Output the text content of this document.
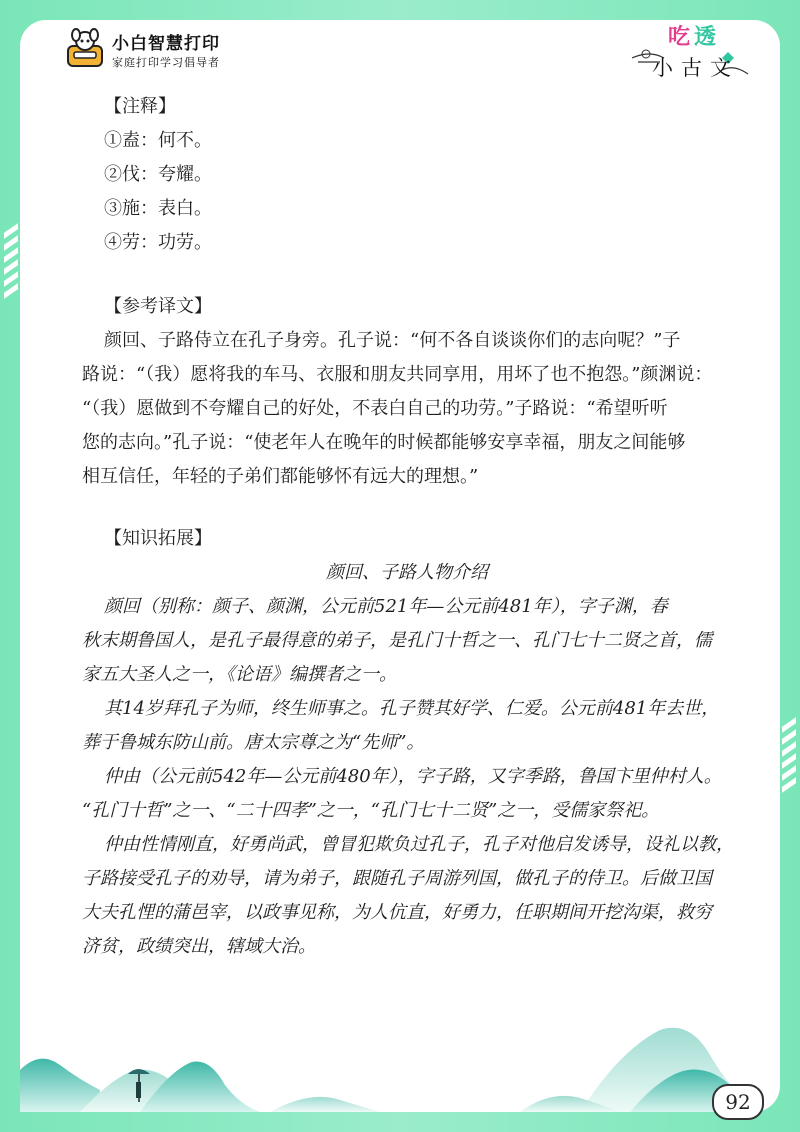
小白智慧打印
家庭打印学习倡导者
吃 透
小古文
【注释】
①盍：何不。
②伐：夸耀。
③施：表白。
④劳：功劳。
【参考译文】
颜回、子路侍立在孔子身旁。孔子说：“何不各自谈谈你们的志向呢？”子
路说：“（我）愿将我的车马、衣服和朋友共同享用，用坏了也不抱怨。”颜渊说：
“（我）愿做到不夸耀自己的好处，不表白自己的功劳。”子路说：“希望听听
您的志向。”孔子说：“使老年人在晚年的时候都能够安享幸福，朋友之间能够
相互信任，年轻的子弟们都能够怀有远大的理想。”
【知识拓展】
颜回、子路人物介绍
颜回（别称：颜子、颜渊，公元前521年—公元前481年），字子渊，春
秋末期鲁国人，是孔子最得意的弟子，是孔门十哲之一、孔门七十二贤之首，儒
家五大圣人之一，《论语》编撰者之一。
其14岁拜孔子为师，终生师事之。孔子赞其好学、仁爱。公元前481年去世，
葬于鲁城东防山前。唐太宗尊之为“先师”。
仲由（公元前542年—公元前480年），字子路，又字季路，鲁国卞里仲村人。
“孔门十哲”之一、“二十四孝”之一，“孔门七十二贤”之一，受儒家祭祀。
仲由性情刚直，好勇尚武，曾冒犯欺负过孔子，孔子对他启发诱导，设礼以教，
子路接受孔子的劝导，请为弟子，跟随孔子周游列国，做孔子的侍卫。后做卫国
大夫孔悝的蒲邑宰，以政事见称，为人伉直，好勇力，任职期间开挖沟渠，救穷
济贫，政绩突出，辖域大治。
92
